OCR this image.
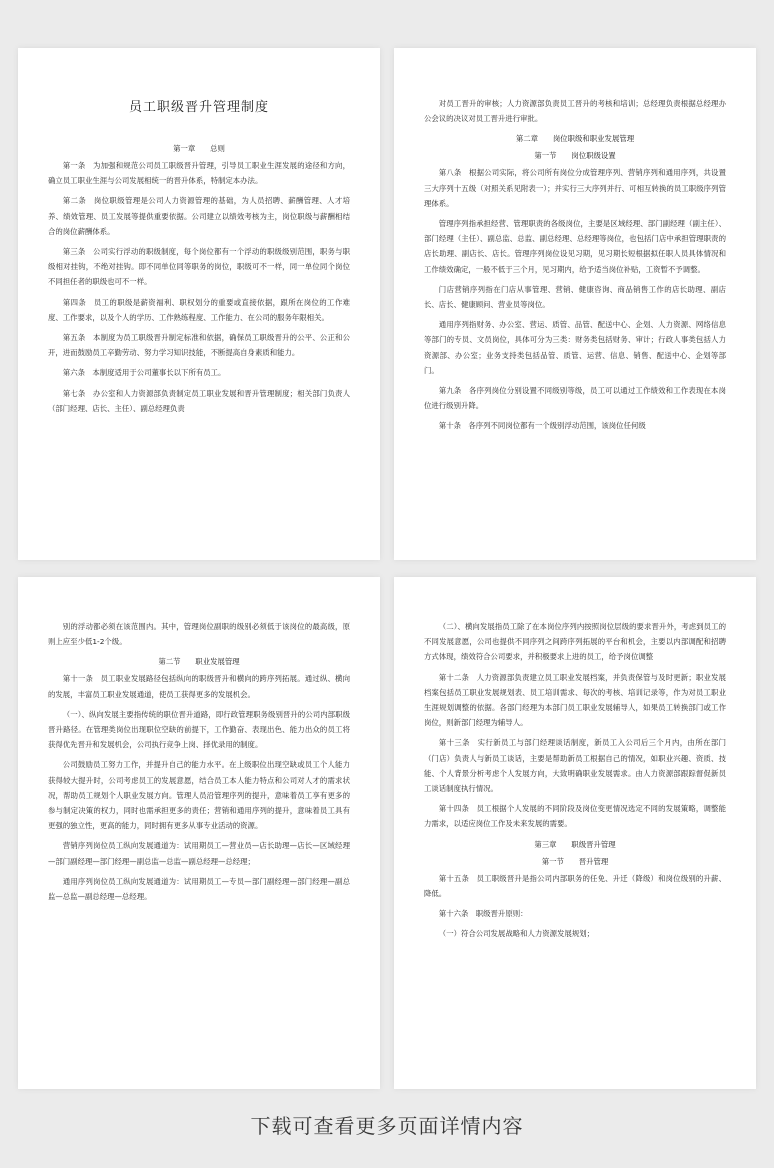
员工职级晋升管理制度
第一章　　总则

第一条　为加强和规范公司员工职级晋升管理，引导员工职业生涯发展的途径和方向，确立员工职业生涯与公司发展相统一的晋升体系，特制定本办法。

第二条　岗位职级管理是公司人力资源管理的基础，为人员招聘、薪酬管理、人才培养、绩效管理、员工发展等提供重要依据。公司建立以绩效考核为主，岗位职级与薪酬相结合的岗位薪酬体系。

第三条　公司实行浮动的职级制度，每个岗位都有一个浮动的职级级别范围，职务与职级相对挂钩，不绝对挂钩。即不同单位同等职务的岗位，职级可不一样，同一单位同个岗位不同担任者的职级也可不一样。

第四条　员工的职级是薪资福利、职权划分的重要或直接依据，跟所在岗位的工作难度、工作要求，以及个人的学历、工作熟练程度、工作能力、在公司的服务年限相关。

第五条　本制度为员工职级晋升制定标准和依据，确保员工职级晋升的公平、公正和公开，进而鼓励员工辛勤劳动、努力学习知识技能，不断提高自身素质和能力。

第六条　本制度适用于公司董事长以下所有员工。

第七条　办公室和人力资源部负责制定员工职业发展和晋升管理制度；相关部门负责人（部门经理、店长、主任）、副总经理负责

对员工晋升的审核；人力资源部负责员工晋升的考核和培训；总经理负责根据总经理办公会议的决议对员工晋升进行审批。

第二章　　岗位职级和职业发展管理
第一节　　岗位职级设置

第八条　根据公司实际，将公司所有岗位分成管理序列、营销序列和通用序列，共设置三大序列十五级（对照关系见附表一）；并实行三大序列并行、可相互转换的员工职级序列管理体系。

管理序列指承担经营、管理职责的各级岗位，主要是区域经理、部门副经理（副主任）、部门经理（主任）、副总监、总监、副总经理、总经理等岗位，也包括门店中承担管理职责的店长助理、副店长、店长。管理序列岗位设见习期，见习期长短根据拟任职人员具体情况和工作绩效确定，一般不低于三个月，见习期内，给予适当岗位补贴，工资暂不予调整。

门店营销序列指在门店从事管理、营销、健康咨询、商品销售工作的店长助理、副店长、店长、健康顾问、营业员等岗位。

通用序列指财务、办公室、营运、质管、品管、配送中心、企划、人力资源、网络信息等部门的专员、文员岗位，具体可分为三类：财务类包括财务、审计；行政人事类包括人力资源部、办公室；业务支持类包括品管、质管、运营、信息、销售、配送中心、企划等部门。

第九条　各序列岗位分别设置不同级别等级，员工可以通过工作绩效和工作表现在本岗位进行级别升降。

第十条　各序列不同岗位都有一个级别浮动范围，该岗位任何级

别的浮动都必须在该范围内。其中，管理岗位副职的级别必须低于该岗位的最高级，原则上应至少低1-2个级。

第二节　　职业发展管理

第十一条　员工职业发展路径包括纵向的职级晋升和横向的跨序列拓展。通过纵、横向的发展，丰富员工职业发展通道，使员工获得更多的发展机会。

（一）、纵向发展主要指传统的职位晋升道路，即行政管理职务级别晋升的公司内部职级晋升路径。在管理类岗位出现职位空缺的前提下，工作勤奋、表现出色、能力出众的员工将获得优先晋升和发展机会，公司执行竞争上岗、择优录用的制度。

公司鼓励员工努力工作，并提升自己的能力水平。在上级职位出现空缺或员工个人能力获得较大提升时，公司考虑员工的发展意愿，结合员工本人能力特点和公司对人才的需求状况，帮助员工规划个人职业发展方向。管理人员沿管理序列的提升，意味着员工享有更多的参与制定决策的权力，同时也需承担更多的责任；营销和通用序列的提升，意味着员工具有更强的独立性，更高的能力，同时拥有更多从事专业活动的资源。

营销序列岗位员工纵向发展通道为：试用期员工—营业员—店长助理—店长—区域经理—部门副经理—部门经理—副总监—总监—副总经理—总经理；

通用序列岗位员工纵向发展通道为：试用期员工—专员—部门副经理—部门经理—副总监—总监—副总经理—总经理。

（二）、横向发展指员工除了在本岗位序列内按照岗位层级的要求晋升外，考虑到员工的不同发展意愿，公司也提供不同序列之间跨序列拓展的平台和机会，主要以内部调配和招聘方式体现，绩效符合公司要求，并积极要求上进的员工，给予岗位调整

第十二条　人力资源部负责建立员工职业发展档案，并负责保管与及时更新；职业发展档案包括员工职业发展规划表、员工培训需求、每次的考核、培训记录等，作为对员工职业生涯规划调整的依据。各部门经理为本部门员工职业发展辅导人，如果员工转换部门或工作岗位，则新部门经理为辅导人。

第十三条　实行新员工与部门经理谈话制度，新员工入公司后三个月内，由所在部门（门店）负责人与新员工谈话，主要是帮助新员工根据自己的情况，如职业兴趣、资质、技能、个人背景分析考虑个人发展方向，大致明确职业发展需求。由人力资源部跟踪督促新员工谈话制度执行情况。

第十四条　员工根据个人发展的不同阶段及岗位变更情况选定不同的发展策略，调整能力需求，以适应岗位工作及未来发展的需要。

第三章　　职级晋升管理
第一节　　晋升管理

第十五条　员工职级晋升是指公司内部职务的任免、升迁（降级）和岗位级别的升薪、降低。

第十六条　职级晋升原则：

（一）符合公司发展战略和人力资源发展规划；

下载可查看更多页面详情内容
